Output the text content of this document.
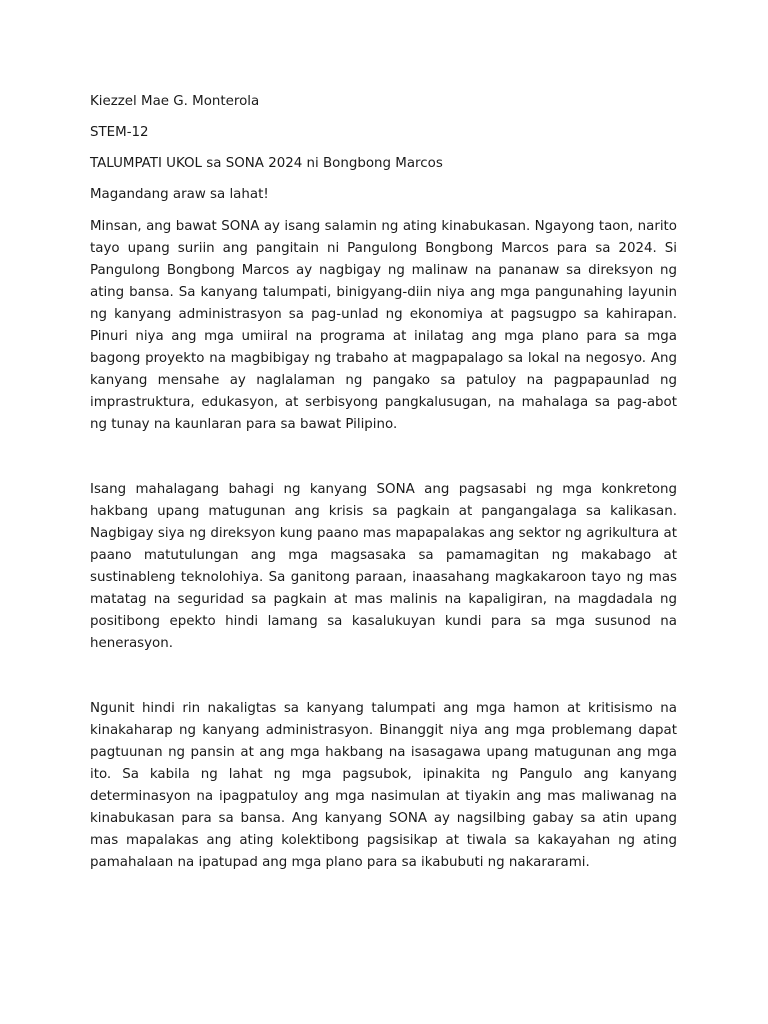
Kiezzel Mae G. Monterola

STEM-12

TALUMPATI UKOL sa SONA 2024 ni Bongbong Marcos

Magandang araw sa lahat!

Minsan, ang bawat SONA ay isang salamin ng ating kinabukasan. Ngayong taon, narito tayo upang suriin ang pangitain ni Pangulong Bongbong Marcos para sa 2024. Si Pangulong Bongbong Marcos ay nagbigay ng malinaw na pananaw sa direksyon ng ating bansa. Sa kanyang talumpati, binigyang-diin niya ang mga pangunahing layunin ng kanyang administrasyon sa pag-unlad ng ekonomiya at pagsugpo sa kahirapan. Pinuri niya ang mga umiiral na programa at inilatag ang mga plano para sa mga bagong proyekto na magbibigay ng trabaho at magpapalago sa lokal na negosyo. Ang kanyang mensahe ay naglalaman ng pangako sa patuloy na pagpapaunlad ng imprastruktura, edukasyon, at serbisyong pangkalusugan, na mahalaga sa pag-abot ng tunay na kaunlaran para sa bawat Pilipino.

Isang mahalagang bahagi ng kanyang SONA ang pagsasabi ng mga konkretong hakbang upang matugunan ang krisis sa pagkain at pangangalaga sa kalikasan. Nagbigay siya ng direksyon kung paano mas mapapalakas ang sektor ng agrikultura at paano matutulungan ang mga magsasaka sa pamamagitan ng makabago at sustinableng teknolohiya. Sa ganitong paraan, inaasahang magkakaroon tayo ng mas matatag na seguridad sa pagkain at mas malinis na kapaligiran, na magdadala ng positibong epekto hindi lamang sa kasalukuyan kundi para sa mga susunod na henerasyon.

Ngunit hindi rin nakaligtas sa kanyang talumpati ang mga hamon at kritisismo na kinakaharap ng kanyang administrasyon. Binanggit niya ang mga problemang dapat pagtuunan ng pansin at ang mga hakbang na isasagawa upang matugunan ang mga ito. Sa kabila ng lahat ng mga pagsubok, ipinakita ng Pangulo ang kanyang determinasyon na ipagpatuloy ang mga nasimulan at tiyakin ang mas maliwanag na kinabukasan para sa bansa. Ang kanyang SONA ay nagsilbing gabay sa atin upang mas mapalakas ang ating kolektibong pagsisikap at tiwala sa kakayahan ng ating pamahalaan na ipatupad ang mga plano para sa ikabubuti ng nakararami.
